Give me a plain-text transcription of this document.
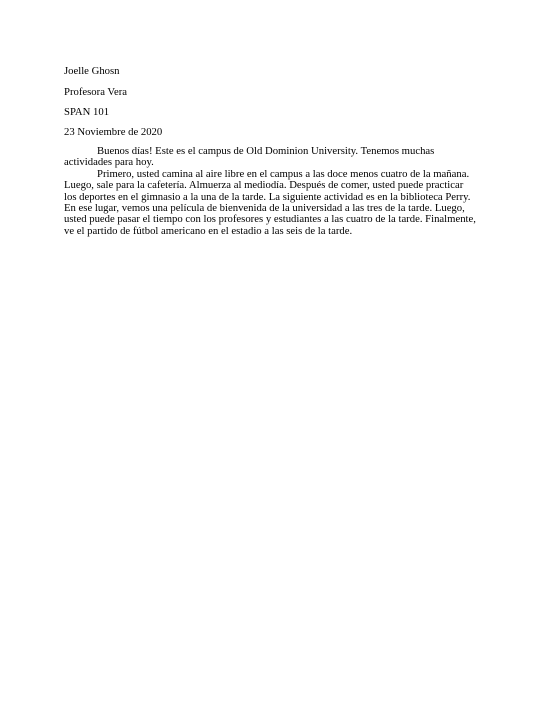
Joelle Ghosn

Profesora Vera

SPAN 101

23 Noviembre de 2020

Buenos días! Este es el campus de Old Dominion University. Tenemos muchas actividades para hoy.

Primero, usted camina al aire libre en el campus a las doce menos cuatro de la mañana. Luego, sale para la cafetería. Almuerza al mediodía. Después de comer, usted puede practicar los deportes en el gimnasio a la una de la tarde. La siguiente actividad es en la biblioteca Perry. En ese lugar, vemos una película de bienvenida de la universidad a las tres de la tarde. Luego, usted puede pasar el tiempo con los profesores y estudiantes a las cuatro de la tarde. Finalmente, ve el partido de fútbol americano en el estadio a las seis de la tarde.
